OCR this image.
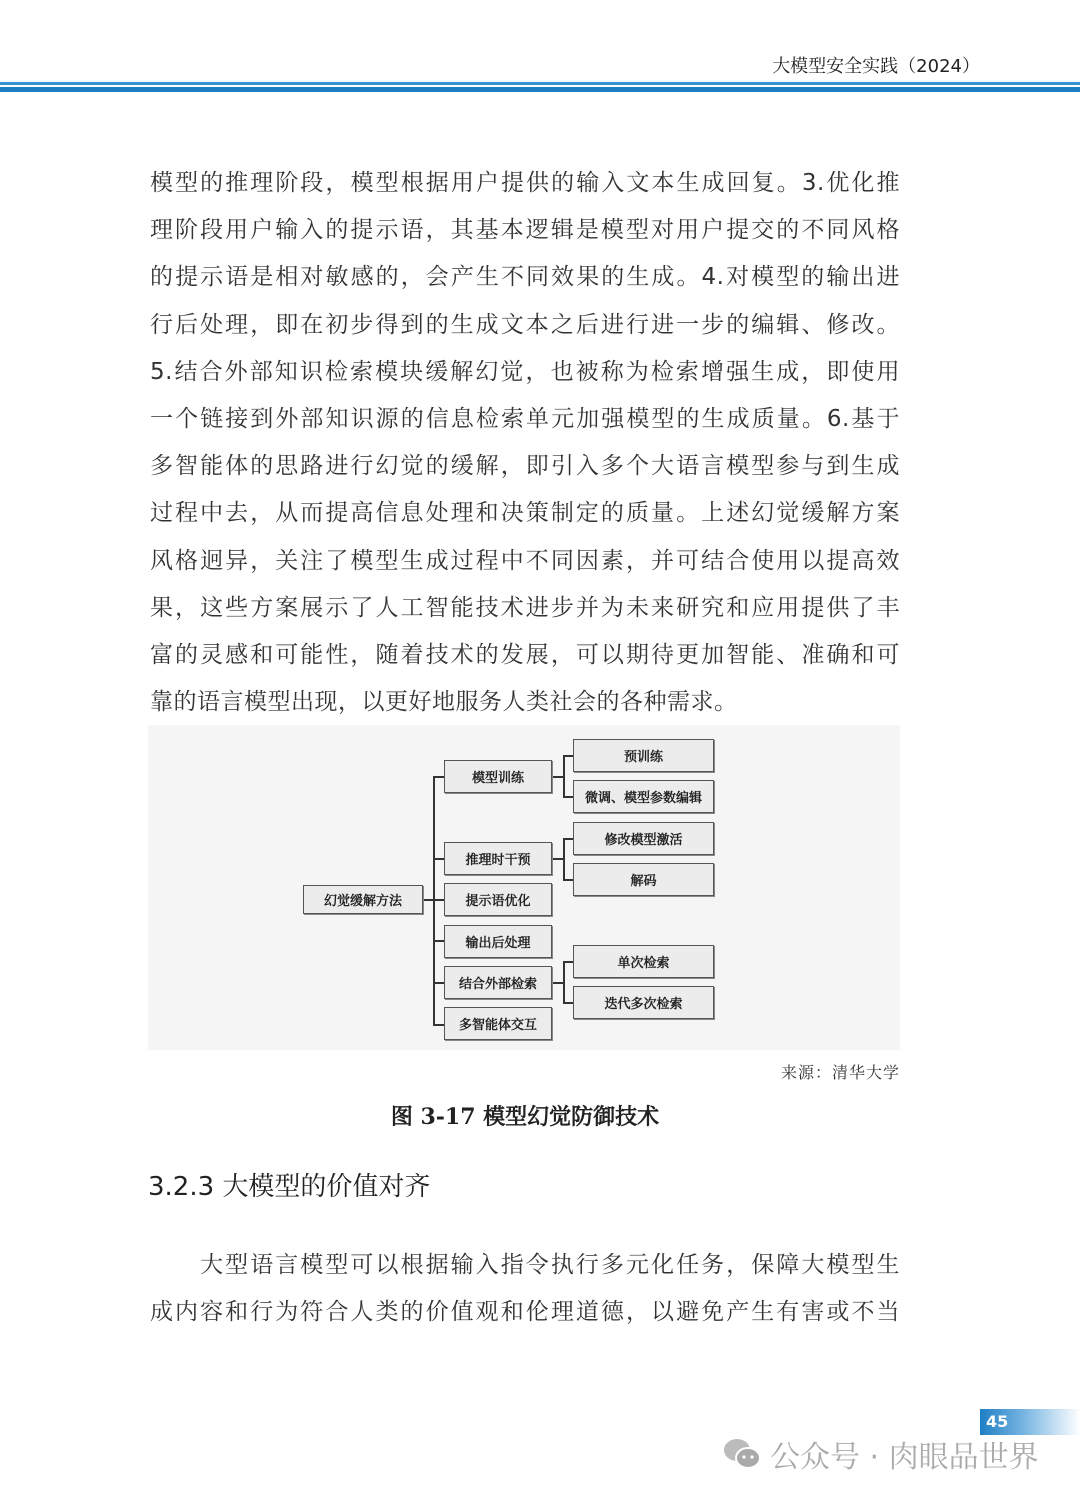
大模型安全实践（2024）
模型的推理阶段，模型根据用户提供的输入文本生成回复。3.优化推
理阶段用户输入的提示语，其基本逻辑是模型对用户提交的不同风格
的提示语是相对敏感的，会产生不同效果的生成。4.对模型的输出进
行后处理，即在初步得到的生成文本之后进行进一步的编辑、修改。
5.结合外部知识检索模块缓解幻觉，也被称为检索增强生成，即使用
一个链接到外部知识源的信息检索单元加强模型的生成质量。6.基于
多智能体的思路进行幻觉的缓解，即引入多个大语言模型参与到生成
过程中去，从而提高信息处理和决策制定的质量。上述幻觉缓解方案
风格迥异，关注了模型生成过程中不同因素，并可结合使用以提高效
果，这些方案展示了人工智能技术进步并为未来研究和应用提供了丰
富的灵感和可能性，随着技术的发展，可以期待更加智能、准确和可
靠的语言模型出现，以更好地服务人类社会的各种需求。
幻觉缓解方法
模型训练
推理时干预
提示语优化
输出后处理
结合外部检索
多智能体交互
预训练
微调、模型参数编辑
修改模型激活
解码
单次检索
迭代多次检索
来源：清华大学
图 3-17 模型幻觉防御技术
3.2.3 大模型的价值对齐
　　大型语言模型可以根据输入指令执行多元化任务，保障大模型生
成内容和行为符合人类的价值观和伦理道德，以避免产生有害或不当
45
公众号 · 肉眼品世界
